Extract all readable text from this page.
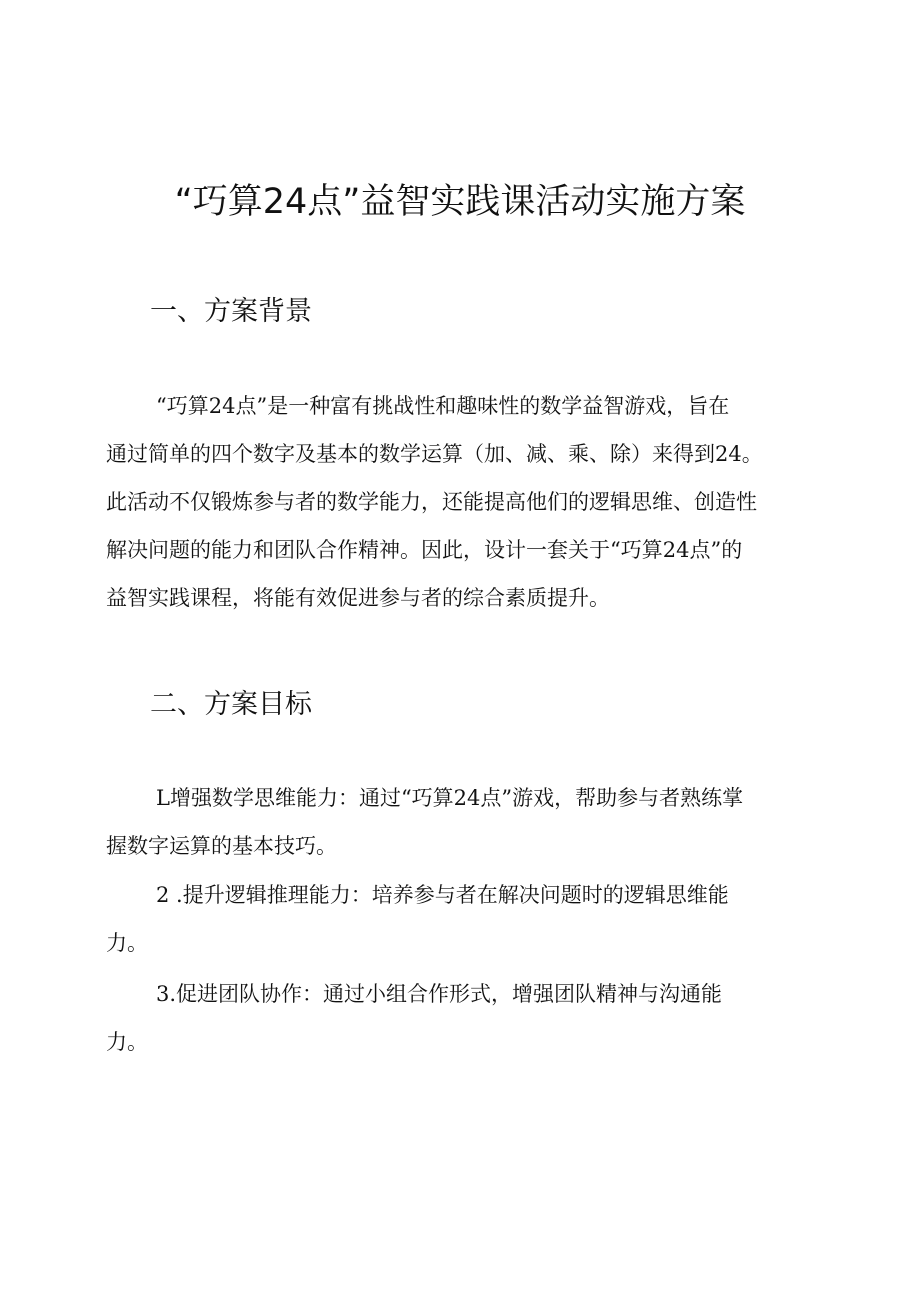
“巧算24点”益智实践课活动实施方案
一、方案背景

“巧算24点”是一种富有挑战性和趣味性的数学益智游戏，旨在
通过简单的四个数字及基本的数学运算（加、减、乘、除）来得到24。
此活动不仅锻炼参与者的数学能力，还能提高他们的逻辑思维、创造性
解决问题的能力和团队合作精神。因此，设计一套关于“巧算24点”的
益智实践课程，将能有效促进参与者的综合素质提升。

二、方案目标

L增强数学思维能力：通过“巧算24点”游戏，帮助参与者熟练掌
握数字运算的基本技巧。

2 .提升逻辑推理能力：培养参与者在解决问题时的逻辑思维能
力。

3.促进团队协作：通过小组合作形式，增强团队精神与沟通能
力。
